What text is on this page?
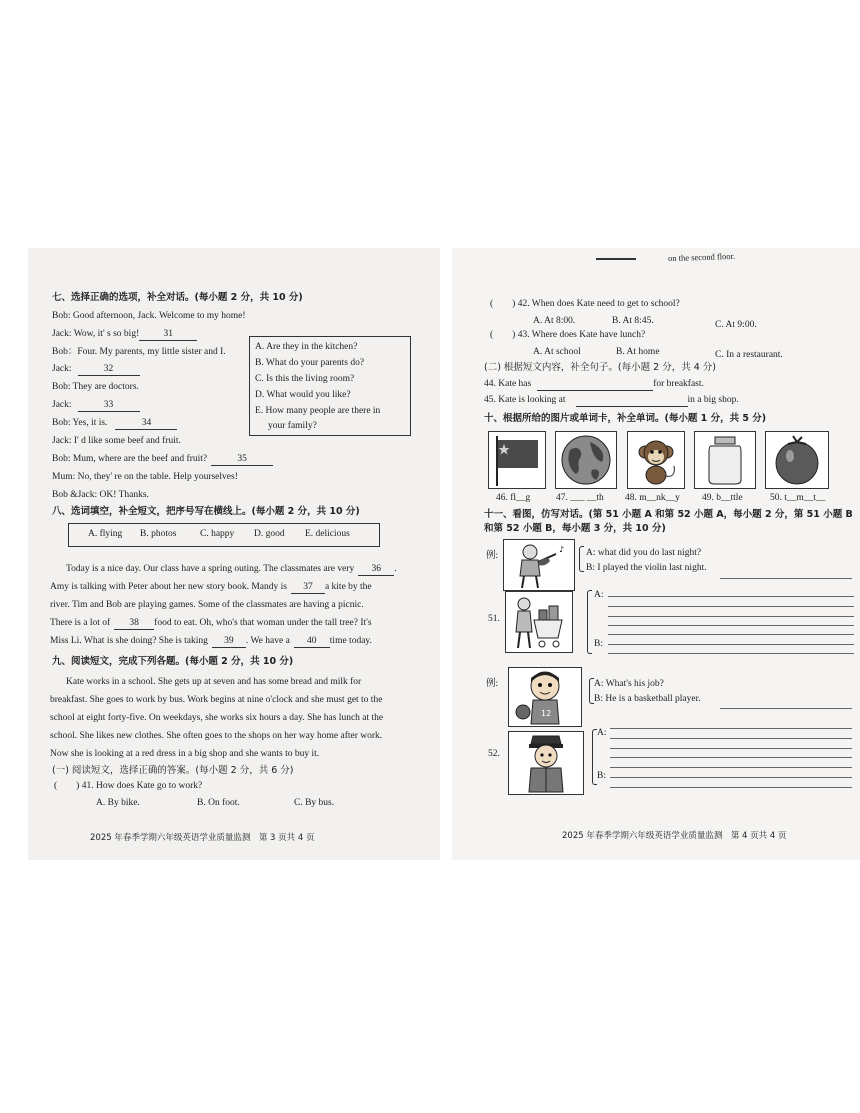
七、选择正确的选项，补全对话。(每小题 2 分，共 10 分)
Bob: Good afternoon, Jack. Welcome to my home!
Jack: Wow, it' s so big!	31
Bob：Four. My parents, my little sister and I.
Jack:	32
Bob: They are doctors.
Jack:	33
Bob: Yes, it is.	34
Jack: I' d like some beef and fruit.
Bob: Mum, where are the beef and fruit?	35
Mum: No, they' re on the table. Help yourselves!
Bob &Jack: OK! Thanks.
A. Are they in the kitchen?
B. What do your parents do?
C. Is this the living room?
D. What would you like?
E. How many people are there in
your family?
八、选词填空，补全短文，把序号写在横线上。(每小题 2 分，共 10 分)
A. flying B. photos C. happy D. good E. delicious
Today is a nice day. Our class have a spring outing. The classmates are very 36 .
Amy is talking with Peter about her new story book. Mandy is 37 a kite by the
river. Tim and Bob are playing games. Some of the classmates are having a picnic.
There is a lot of 38 food to eat. Oh, who's that woman under the tall tree? It's
Miss Li. What is she doing? She is taking 39 . We have a 40 time today.
九、阅读短文，完成下列各题。(每小题 2 分，共 10 分)
Kate works in a school. She gets up at seven and has some bread and milk for
breakfast. She goes to work by bus. Work begins at nine o'clock and she must get to the
school at eight forty-five. On weekdays, she works six hours a day. She has lunch at the
school. She likes new clothes. She often goes to the shops on her way home after work.
Now she is looking at a red dress in a big shop and she wants to buy it.
(一) 阅读短文，选择正确的答案。(每小题 2 分，共 6 分)
(　　) 41. How does Kate go to work?
A. By bike.	B. On foot.	C. By bus.
2025 年春季学期六年级英语学业质量监测　第 3 页共 4 页
on the second floor.
(　　) 42. When does Kate need to get to school?
A. At 8:00.	B. At 8:45.	C. At 9:00.
(　　) 43. Where does Kate have lunch?
A. At school	B. At home	C. In a restaurant.
(二) 根据短文内容，补全句子。(每小题 2 分，共 4 分)
44. Kate has	for breakfast.
45. Kate is looking at	in a big shop.
十、根据所给的图片或单词卡，补全单词。(每小题 1 分，共 5 分)
46. fl__g	47. ___ __th 48. m__nk__y 49. b__ttle	50. t__m__t__
十一、看图，仿写对话。(第 51 小题 A 和第 52 小题 A，每小题 2 分，第 51 小题 B
和第 52 小题 B，每小题 3 分，共 10 分)
例:
♪ A: what did you do last night?
B: I played the violin last night.
51.
A:
B:
例:
12
A: What's his job?
B: He is a basketball player.
52.
A:
B:
2025 年春季学期六年级英语学业质量监测　第 4 页共 4 页
